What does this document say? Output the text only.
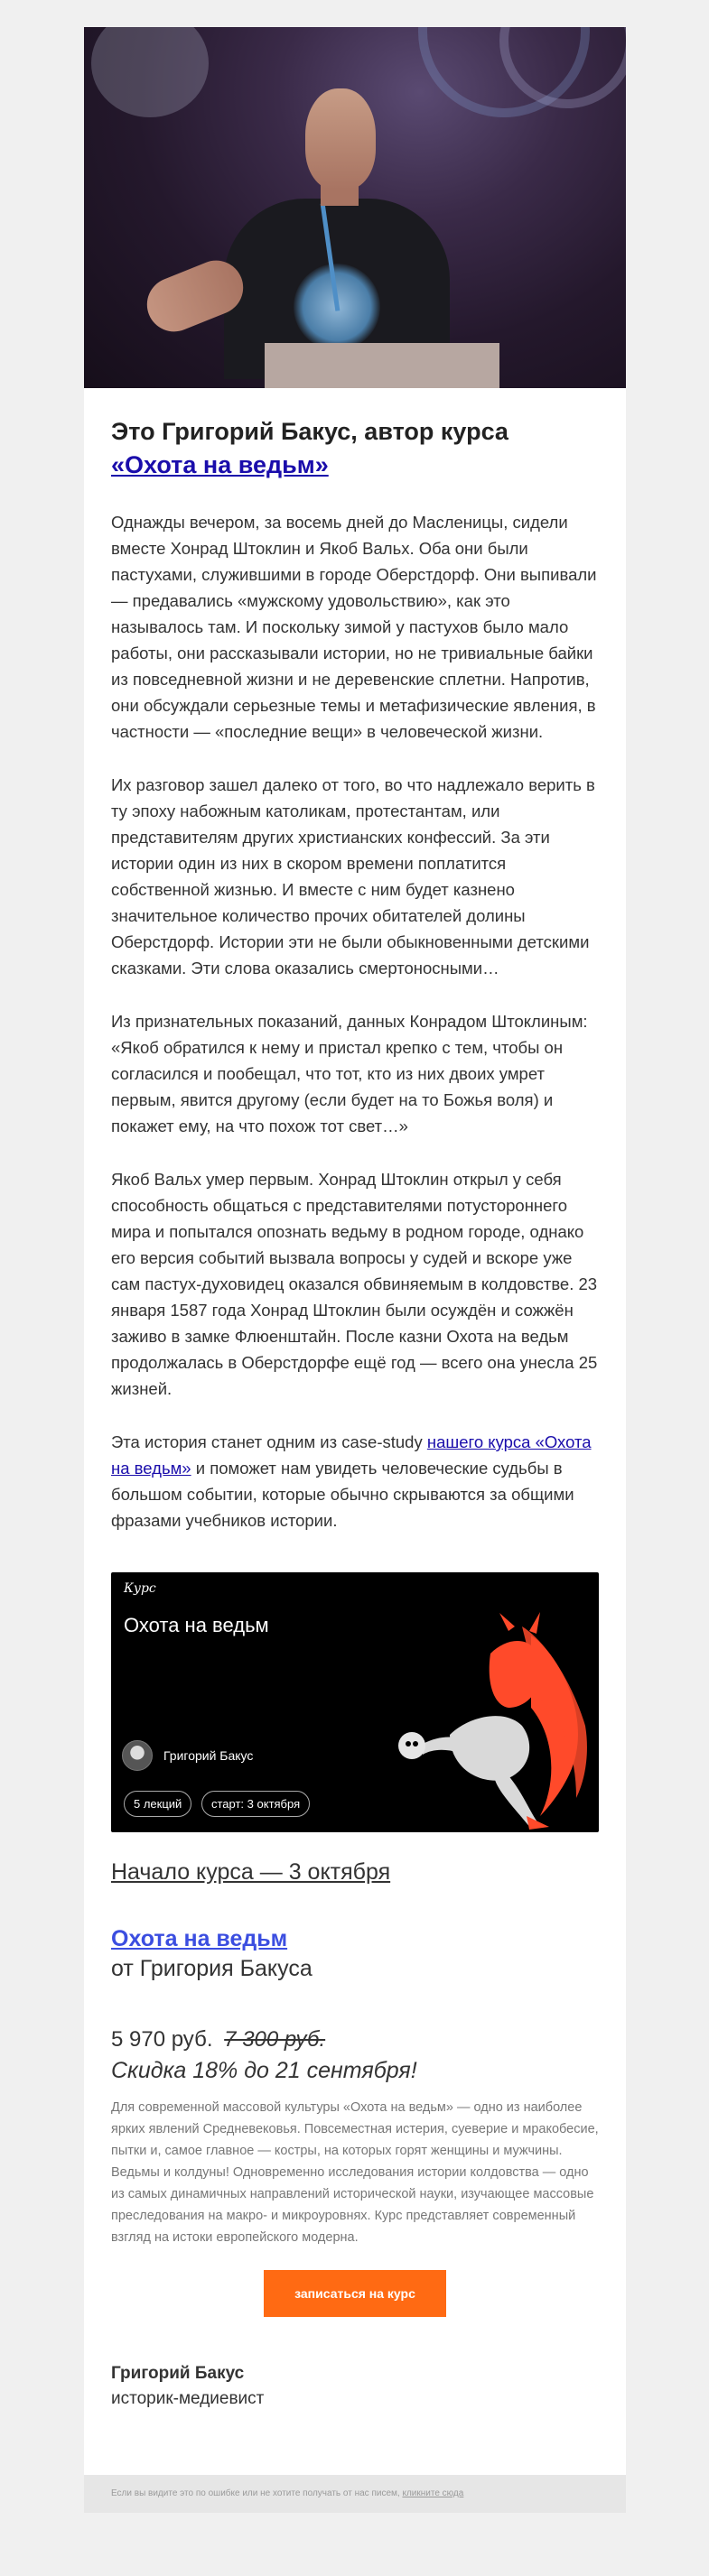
Это Григорий Бакус, автор курса
«Охота на ведьм»

Однажды вечером, за восемь дней до Масленицы, сидели вместе Хонрад Штоклин и Якоб Вальх. Оба они были пастухами, служившими в городе Оберстдорф. Они выпивали — предавались «мужскому удовольствию», как это называлось там. И поскольку зимой у пастухов было мало работы, они рассказывали истории, но не тривиальные байки из повседневной жизни и не деревенские сплетни. Напротив, они обсуждали серьезные темы и метафизические явления, в частности — «последние вещи» в человеческой жизни.

Их разговор зашел далеко от того, во что надлежало верить в ту эпоху набожным католикам, протестантам, или представителям других христианских конфессий. За эти истории один из них в скором времени поплатится собственной жизнью. И вместе с ним будет казнено значительное количество прочих обитателей долины Оберстдорф. Истории эти не были обыкновенными детскими сказками. Эти слова оказались смертоносными…

Из признательных показаний, данных Конрадом Штоклиным: «Якоб обратился к нему и пристал крепко с тем, чтобы он согласился и пообещал, что тот, кто из них двоих умрет первым, явится другому (если будет на то Божья воля) и покажет ему, на что похож тот свет…»

Якоб Вальх умер первым. Хонрад Штоклин открыл у себя способность общаться с представителями потустороннего мира и попытался опознать ведьму в родном городе, однако его версия событий вызвала вопросы у судей и вскоре уже сам пастух-духовидец оказался обвиняемым в колдовстве. 23 января 1587 года Хонрад Штоклин были осуждён и сожжён заживо в замке Флюенштайн. После казни Охота на ведьм продолжалась в Оберстдорфе ещё год — всего она унесла 25 жизней.

Эта история станет одним из case-study нашего курса «Охота на ведьм» и поможет нам увидеть человеческие судьбы в большом событии, которые обычно скрываются за общими фразами учебников истории.

Курс
Охота на ведьм
Григорий Бакус
5 лекций	старт: 3 октября
Начало курса — 3 октября
Охота на ведьм
от Григория Бакуса
5 970 руб. 7 300 руб.
Скидка 18% до 21 сентября!

Для современной массовой культуры «Охота на ведьм» — одно из наиболее ярких явлений Средневековья. Повсеместная истерия, суеверие и мракобесие, пытки и, самое главное — костры, на которых горят женщины и мужчины. Ведьмы и колдуны! Одновременно исследования истории колдовства — одно из самых динамичных направлений исторической науки, изучающее массовые преследования на макро- и микроуровнях. Курс представляет современный взгляд на истоки европейского модерна.

записаться на курс
Григорий Бакус
историк-медиевист
Если вы видите это по ошибке или не хотите получать от нас писем, кликните сюда
